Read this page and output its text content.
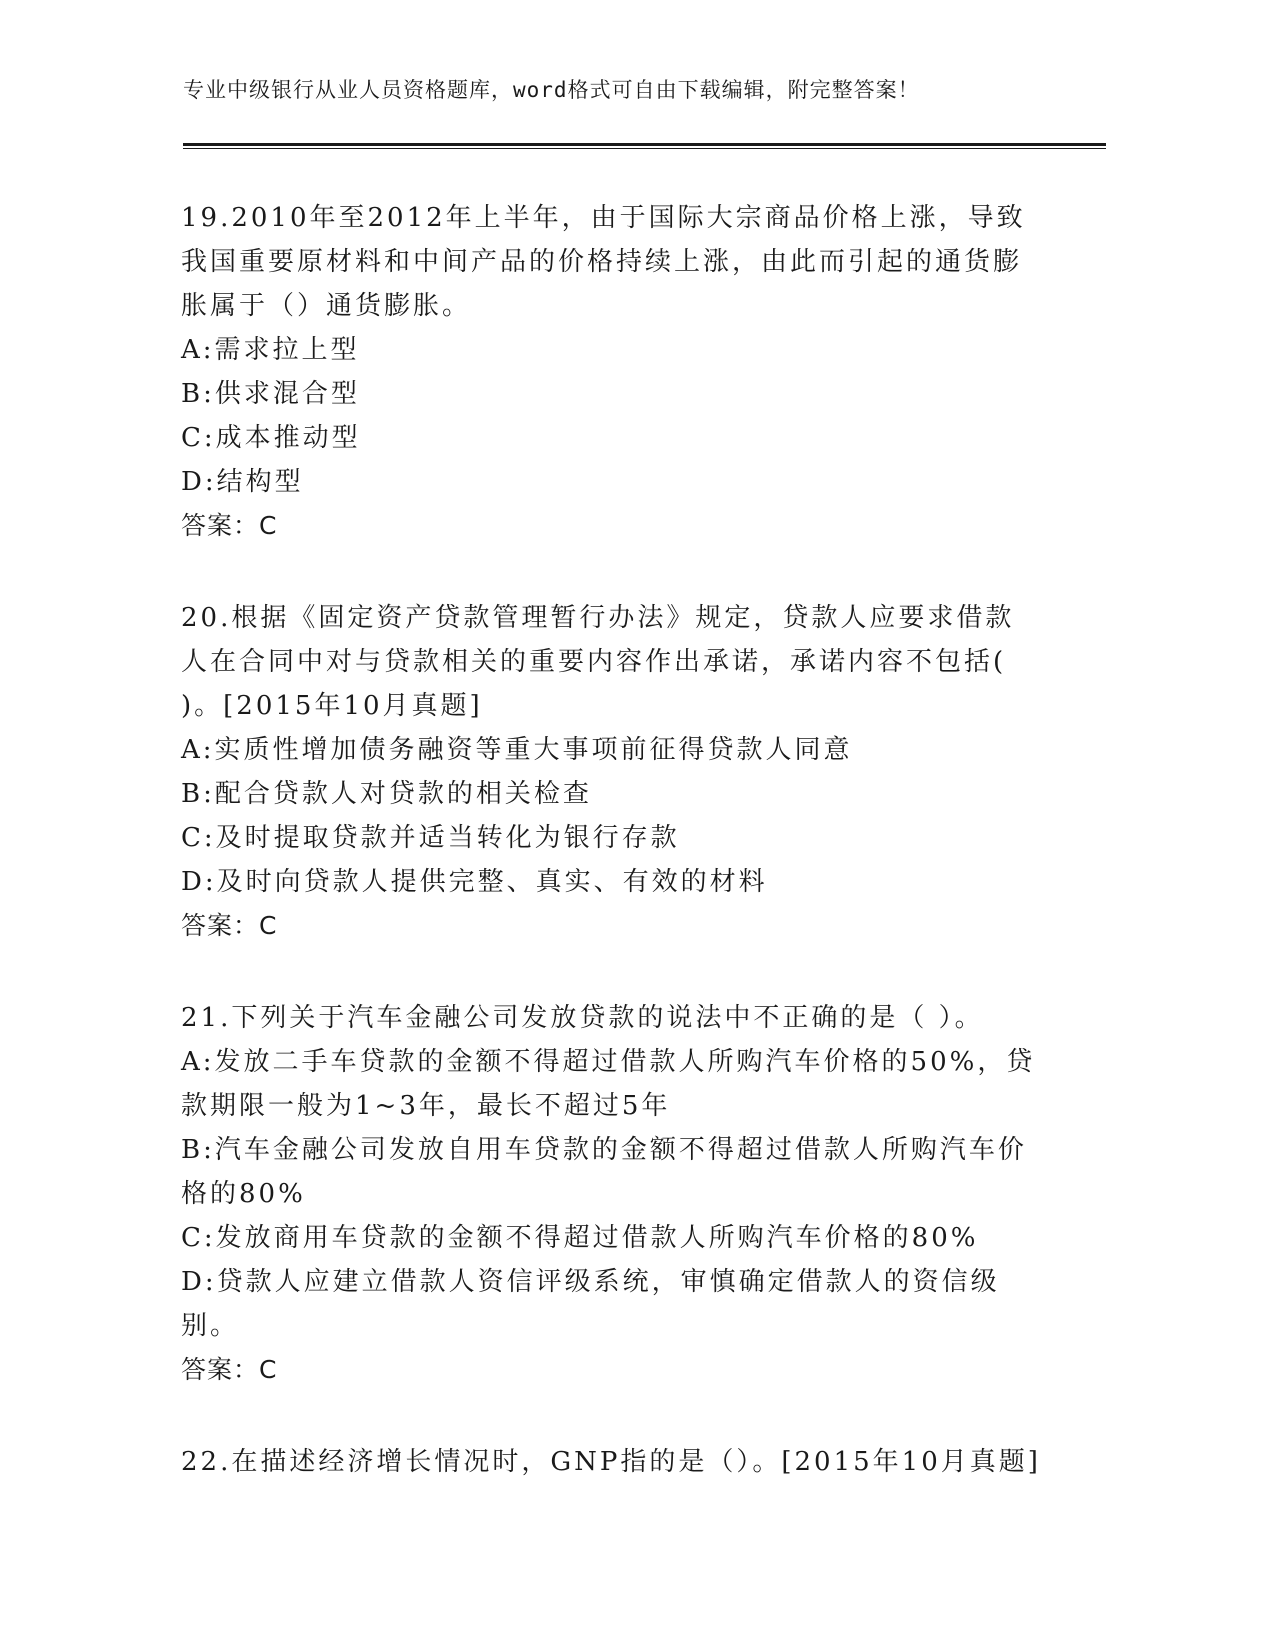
专业中级银行从业人员资格题库，word格式可自由下载编辑，附完整答案！

19.2010年至2012年上半年，由于国际大宗商品价格上涨，导致我国重要原材料和中间产品的价格持续上涨，由此而引起的通货膨胀属于（）通货膨胀。

A:需求拉上型

B:供求混合型

C:成本推动型

D:结构型

答案：C

20.根据《固定资产贷款管理暂行办法》规定，贷款人应要求借款人在合同中对与贷款相关的重要内容作出承诺，承诺内容不包括( )。[2015年10月真题]

A:实质性增加债务融资等重大事项前征得贷款人同意

B:配合贷款人对贷款的相关检查

C:及时提取贷款并适当转化为银行存款

D:及时向贷款人提供完整、真实、有效的材料

答案：C

21.下列关于汽车金融公司发放贷款的说法中不正确的是（ ）。

A:发放二手车贷款的金额不得超过借款人所购汽车价格的50%，贷款期限一般为1~3年，最长不超过5年

B:汽车金融公司发放自用车贷款的金额不得超过借款人所购汽车价格的80%

C:发放商用车贷款的金额不得超过借款人所购汽车价格的80%

D:贷款人应建立借款人资信评级系统，审慎确定借款人的资信级别。

答案：C

22.在描述经济增长情况时，GNP指的是（）。[2015年10月真题]
